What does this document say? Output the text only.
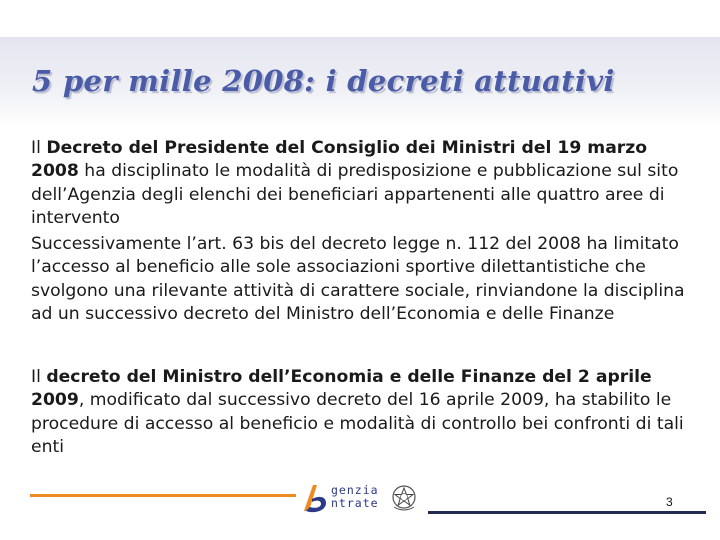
5 per mille 2008: i decreti attuativi

Il Decreto del Presidente del Consiglio dei Ministri del 19 marzo 2008 ha disciplinato le modalità di predisposizione e pubblicazione sul sito dell’Agenzia degli elenchi dei beneficiari appartenenti alle quattro aree di intervento

Successivamente l’art. 63 bis del decreto legge n. 112 del 2008 ha limitato l’accesso al beneficio alle sole associazioni sportive dilettantistiche che svolgono una rilevante attività di carattere sociale, rinviandone la disciplina ad un successivo decreto del Ministro dell’Economia e delle Finanze

Il decreto del Ministro dell’Economia e delle Finanze del 2 aprile 2009, modificato dal successivo decreto del 16 aprile 2009, ha stabilito le procedure di accesso al beneficio e modalità di controllo bei confronti di tali enti

genzia
ntrate	3
